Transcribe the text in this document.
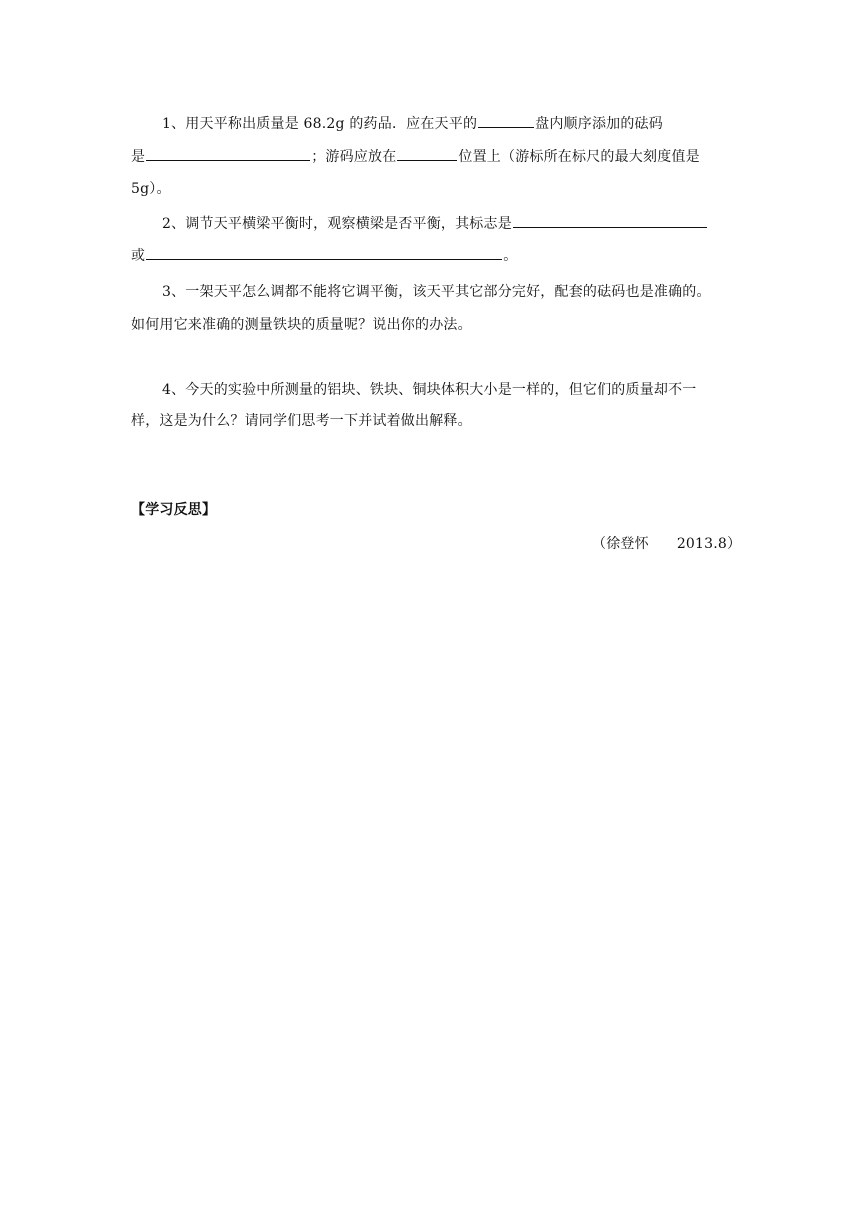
1、用天平称出质量是 68.2g 的药品．应在天平的	盘内顺序添加的砝码
是	；游码应放在	位置上（游标所在标尺的最大刻度值是
5g）。
2、调节天平横梁平衡时，观察横梁是否平衡，其标志是
或	。
3、一架天平怎么调都不能将它调平衡，该天平其它部分完好，配套的砝码也是准确的。
如何用它来准确的测量铁块的质量呢？说出你的办法。
4、今天的实验中所测量的铝块、铁块、铜块体积大小是一样的，但它们的质量却不一
样，这是为什么？请同学们思考一下并试着做出解释。
【学习反思】
（徐登怀 2013.8）
